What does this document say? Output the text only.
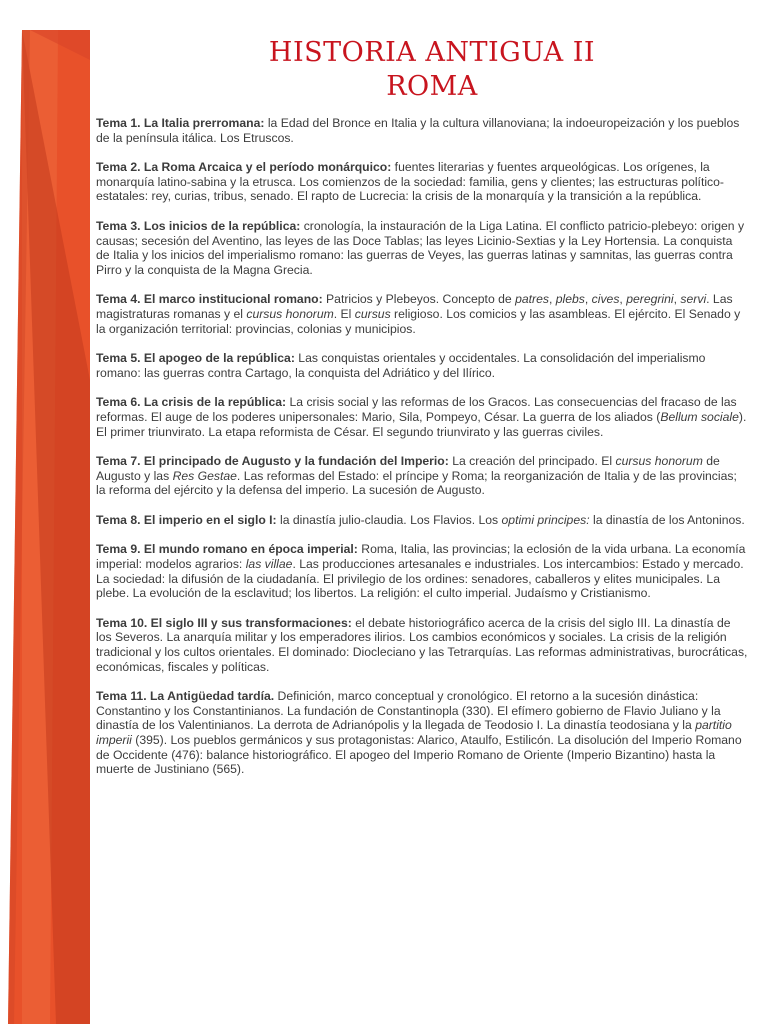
HISTORIA ANTIGUA II
ROMA

Tema 1. La Italia prerromana: la Edad del Bronce en Italia y la cultura villanoviana; la indoeuropeización y los pueblos de la península itálica. Los Etruscos.

Tema 2. La Roma Arcaica y el período monárquico: fuentes literarias y fuentes arqueológicas. Los orígenes, la monarquía latino-sabina y la etrusca. Los comienzos de la sociedad: familia, gens y clientes; las estructuras político-estatales: rey, curias, tribus, senado. El rapto de Lucrecia: la crisis de la monarquía y la transición a la república.

Tema 3. Los inicios de la república: cronología, la instauración de la Liga Latina. El conflicto patricio-plebeyo: origen y causas; secesión del Aventino, las leyes de las Doce Tablas; las leyes Licinio-Sextias y la Ley Hortensia. La conquista de Italia y los inicios del imperialismo romano: las guerras de Veyes, las guerras latinas y samnitas, las guerras contra Pirro y la conquista de la Magna Grecia.

Tema 4. El marco institucional romano: Patricios y Plebeyos. Concepto de patres, plebs, cives, peregrini, servi. Las magistraturas romanas y el cursus honorum. El cursus religioso. Los comicios y las asambleas. El ejército. El Senado y la organización territorial: provincias, colonias y municipios.

Tema 5. El apogeo de la república: Las conquistas orientales y occidentales. La consolidación del imperialismo romano: las guerras contra Cartago, la conquista del Adriático y del Ilírico.

Tema 6. La crisis de la república: La crisis social y las reformas de los Gracos. Las consecuencias del fracaso de las reformas. El auge de los poderes unipersonales: Mario, Sila, Pompeyo, César. La guerra de los aliados (Bellum sociale). El primer triunvirato. La etapa reformista de César. El segundo triunvirato y las guerras civiles.

Tema 7. El principado de Augusto y la fundación del Imperio: La creación del principado. El cursus honorum de Augusto y las Res Gestae. Las reformas del Estado: el príncipe y Roma; la reorganización de Italia y de las provincias; la reforma del ejército y la defensa del imperio. La sucesión de Augusto.

Tema 8. El imperio en el siglo I: la dinastía julio-claudia. Los Flavios. Los optimi principes: la dinastía de los Antoninos.

Tema 9. El mundo romano en época imperial: Roma, Italia, las provincias; la eclosión de la vida urbana. La economía imperial: modelos agrarios: las villae. Las producciones artesanales e industriales. Los intercambios: Estado y mercado. La sociedad: la difusión de la ciudadanía. El privilegio de los ordines: senadores, caballeros y elites municipales. La plebe. La evolución de la esclavitud; los libertos. La religión: el culto imperial. Judaísmo y Cristianismo.

Tema 10. El siglo III y sus transformaciones: el debate historiográfico acerca de la crisis del siglo III. La dinastía de los Severos. La anarquía militar y los emperadores ilirios. Los cambios económicos y sociales. La crisis de la religión tradicional y los cultos orientales. El dominado: Diocleciano y las Tetrarquías. Las reformas administrativas, burocráticas, económicas, fiscales y políticas.

Tema 11. La Antigüedad tardía. Definición, marco conceptual y cronológico. El retorno a la sucesión dinástica: Constantino y los Constantinianos. La fundación de Constantinopla (330). El efímero gobierno de Flavio Juliano y la dinastía de los Valentinianos. La derrota de Adrianópolis y la llegada de Teodosio I. La dinastía teodosiana y la partitio imperii (395). Los pueblos germánicos y sus protagonistas: Alarico, Ataulfo, Estilicón. La disolución del Imperio Romano de Occidente (476): balance historiográfico. El apogeo del Imperio Romano de Oriente (Imperio Bizantino) hasta la muerte de Justiniano (565).
